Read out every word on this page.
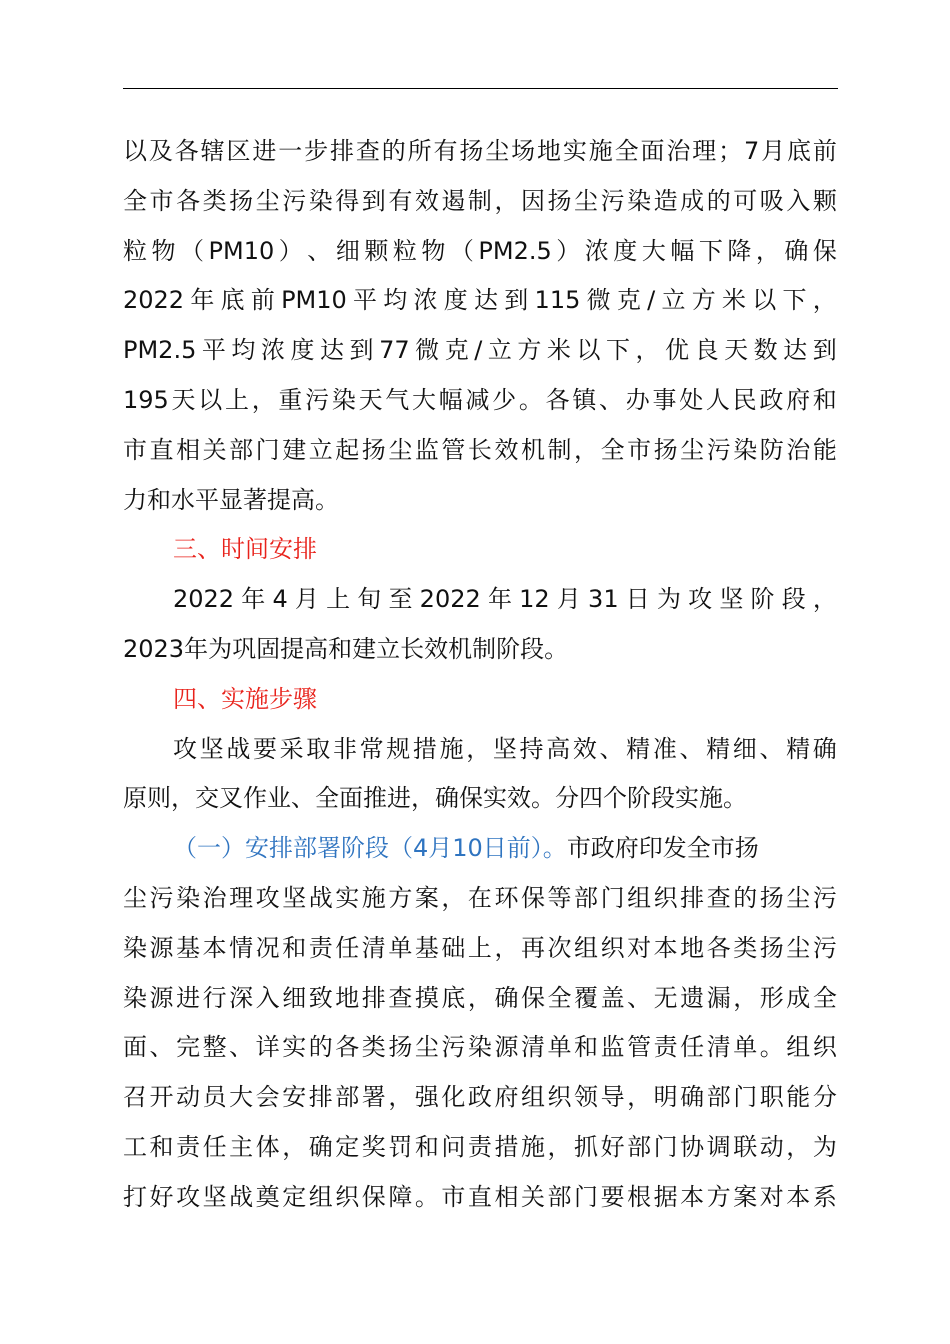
以 及 各 辖 区 进 一 步 排 查 的 所 有 扬 尘 场 地 实 施 全 面 治 理 ； 7 月 底 前
全 市 各 类 扬 尘 污 染 得 到 有 效 遏 制 ， 因 扬 尘 污 染 造 成 的 可 吸 入 颗
粒 物 （ PM10 ） 、 细 颗 粒 物 （ PM2.5 ） 浓 度 大 幅 下 降 ， 确 保
2022 年 底 前 PM10 平 均 浓 度 达 到 115 微 克 / 立 方 米 以 下 ，
PM2.5 平 均 浓 度 达 到 77 微 克 / 立 方 米 以 下 ， 优 良 天 数 达 到
195 天 以 上 ， 重 污 染 天 气 大 幅 减 少 。 各 镇 、 办 事 处 人 民 政 府 和
市 直 相 关 部 门 建 立 起 扬 尘 监 管 长 效 机 制 ， 全 市 扬 尘 污 染 防 治 能
力和水平显著提高。
三、时间安排
2022 年 4 月 上 旬 至 2022 年 12 月 31 日 为 攻 坚 阶 段 ，
2023年为巩固提高和建立长效机制阶段。
四、实施步骤
攻 坚 战 要 采 取 非 常 规 措 施 ， 坚 持 高 效 、 精 准 、 精 细 、 精 确
原则，交叉作业、全面推进，确保实效。分四个阶段实施。
（一）安排部署阶段（4月10日前）。 市政府印发全市扬
尘 污 染 治 理 攻 坚 战 实 施 方 案 ， 在 环 保 等 部 门 组 织 排 查 的 扬 尘 污
染 源 基 本 情 况 和 责 任 清 单 基 础 上 ， 再 次 组 织 对 本 地 各 类 扬 尘 污
染 源 进 行 深 入 细 致 地 排 查 摸 底 ， 确 保 全 覆 盖 、 无 遗 漏 ， 形 成 全
面 、 完 整 、 详 实 的 各 类 扬 尘 污 染 源 清 单 和 监 管 责 任 清 单 。 组 织
召 开 动 员 大 会 安 排 部 署 ， 强 化 政 府 组 织 领 导 ， 明 确 部 门 职 能 分
工 和 责 任 主 体 ， 确 定 奖 罚 和 问 责 措 施 ， 抓 好 部 门 协 调 联 动 ， 为
打 好 攻 坚 战 奠 定 组 织 保 障 。 市 直 相 关 部 门 要 根 据 本 方 案 对 本 系
